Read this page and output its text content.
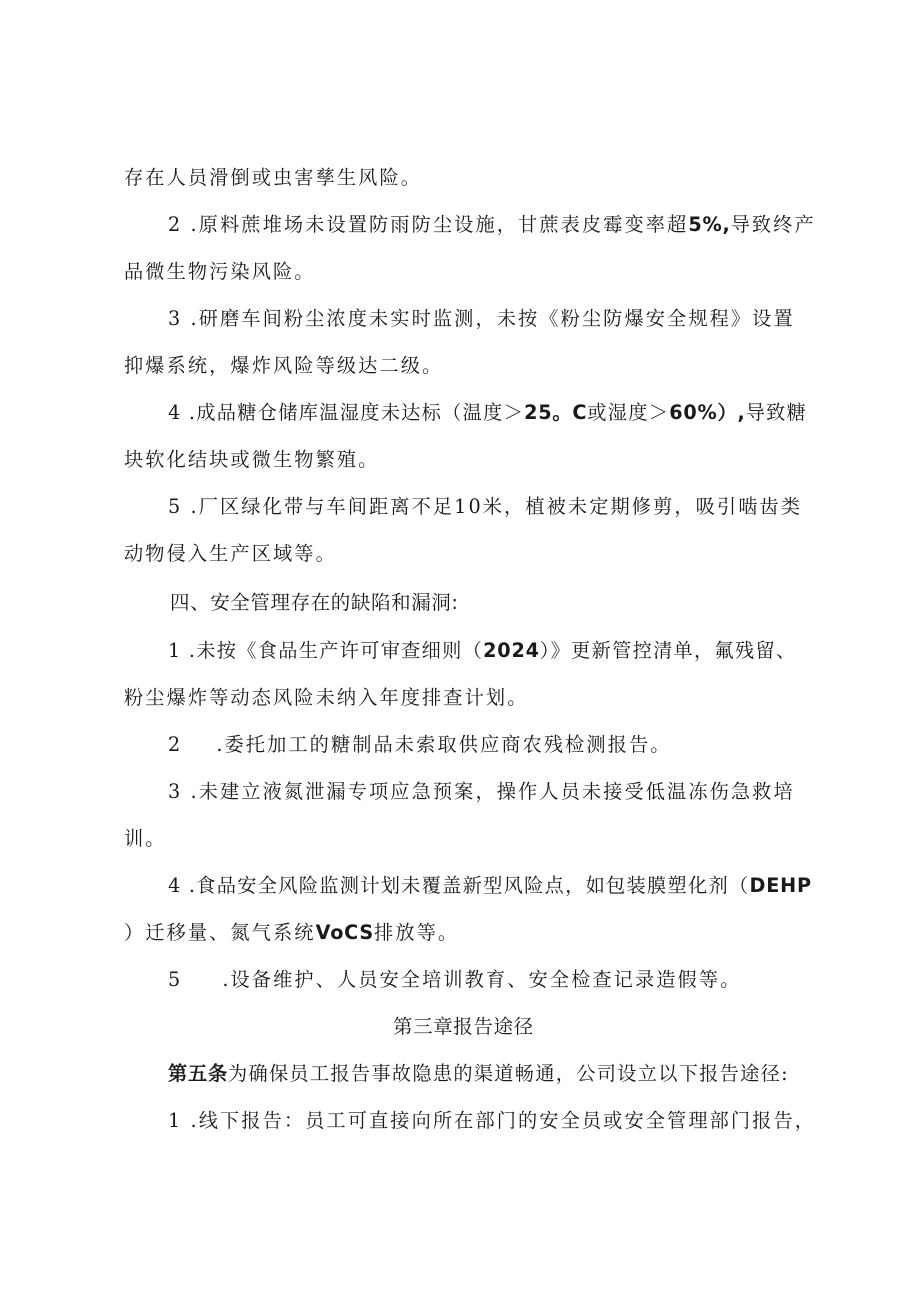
存在人员滑倒或虫害孳生风险。

2 .原料蔗堆场未设置防雨防尘设施，甘蔗表皮霉变率超5%,导致终产

品微生物污染风险。

3 .研磨车间粉尘浓度未实时监测，未按《粉尘防爆安全规程》设置

抑爆系统，爆炸风险等级达二级。

4 .成品糖仓储库温湿度未达标（温度＞25。C或湿度＞60%）,导致糖

块软化结块或微生物繁殖。

5 .厂区绿化带与车间距离不足10米，植被未定期修剪，吸引啮齿类

动物侵入生产区域等。

四、安全管理存在的缺陷和漏洞:

1 .未按《食品生产许可审查细则（2024）》更新管控清单，氟残留、

粉尘爆炸等动态风险未纳入年度排查计划。

2 .委托加工的糖制品未索取供应商农残检测报告。

3 .未建立液氮泄漏专项应急预案，操作人员未接受低温冻伤急救培

训。

4 .食品安全风险监测计划未覆盖新型风险点，如包装膜塑化剂（DEHP

）迁移量、氮气系统VoCS排放等。

5 .设备维护、人员安全培训教育、安全检查记录造假等。

第三章报告途径

第五条为确保员工报告事故隐患的渠道畅通，公司设立以下报告途径:

1 .线下报告：员工可直接向所在部门的安全员或安全管理部门报告，
